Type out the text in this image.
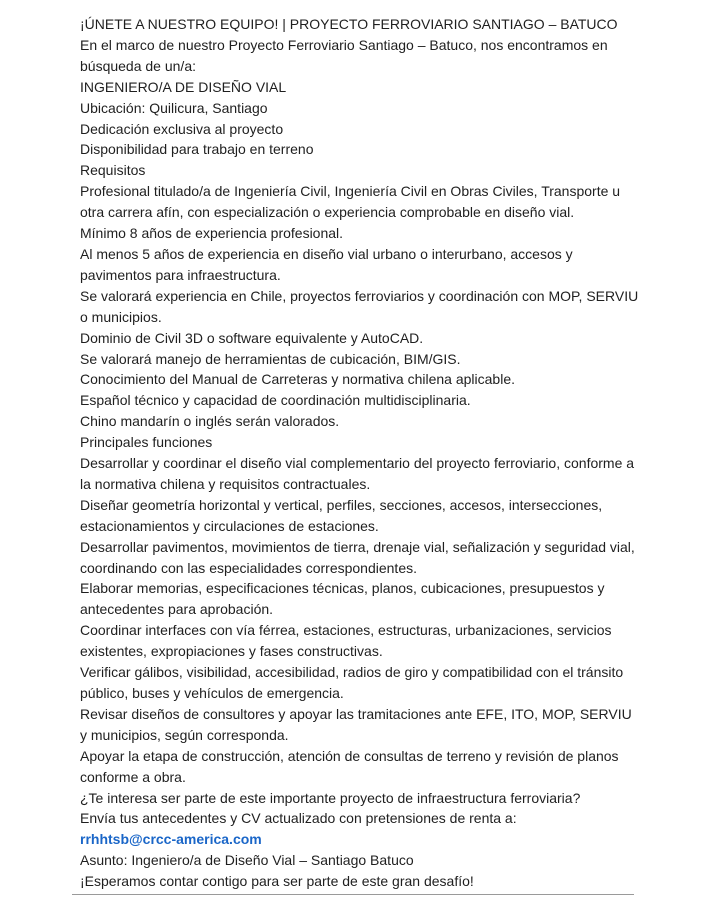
¡ÚNETE A NUESTRO EQUIPO! | PROYECTO FERROVIARIO SANTIAGO – BATUCO
En el marco de nuestro Proyecto Ferroviario Santiago – Batuco, nos encontramos en búsqueda de un/a:
INGENIERO/A DE DISEÑO VIAL
Ubicación: Quilicura, Santiago
Dedicación exclusiva al proyecto
Disponibilidad para trabajo en terreno
Requisitos
Profesional titulado/a de Ingeniería Civil, Ingeniería Civil en Obras Civiles, Transporte u otra carrera afín, con especialización o experiencia comprobable en diseño vial.
Mínimo 8 años de experiencia profesional.
Al menos 5 años de experiencia en diseño vial urbano o interurbano, accesos y pavimentos para infraestructura.
Se valorará experiencia en Chile, proyectos ferroviarios y coordinación con MOP, SERVIU o municipios.
Dominio de Civil 3D o software equivalente y AutoCAD.
Se valorará manejo de herramientas de cubicación, BIM/GIS.
Conocimiento del Manual de Carreteras y normativa chilena aplicable.
Español técnico y capacidad de coordinación multidisciplinaria.
Chino mandarín o inglés serán valorados.
Principales funciones
Desarrollar y coordinar el diseño vial complementario del proyecto ferroviario, conforme a la normativa chilena y requisitos contractuales.
Diseñar geometría horizontal y vertical, perfiles, secciones, accesos, intersecciones, estacionamientos y circulaciones de estaciones.
Desarrollar pavimentos, movimientos de tierra, drenaje vial, señalización y seguridad vial, coordinando con las especialidades correspondientes.
Elaborar memorias, especificaciones técnicas, planos, cubicaciones, presupuestos y antecedentes para aprobación.
Coordinar interfaces con vía férrea, estaciones, estructuras, urbanizaciones, servicios existentes, expropiaciones y fases constructivas.
Verificar gálibos, visibilidad, accesibilidad, radios de giro y compatibilidad con el tránsito público, buses y vehículos de emergencia.
Revisar diseños de consultores y apoyar las tramitaciones ante EFE, ITO, MOP, SERVIU y municipios, según corresponda.
Apoyar la etapa de construcción, atención de consultas de terreno y revisión de planos conforme a obra.
¿Te interesa ser parte de este importante proyecto de infraestructura ferroviaria?
Envía tus antecedentes y CV actualizado con pretensiones de renta a:
rrhhtsb@crcc-america.com
Asunto: Ingeniero/a de Diseño Vial – Santiago Batuco
¡Esperamos contar contigo para ser parte de este gran desafío!
